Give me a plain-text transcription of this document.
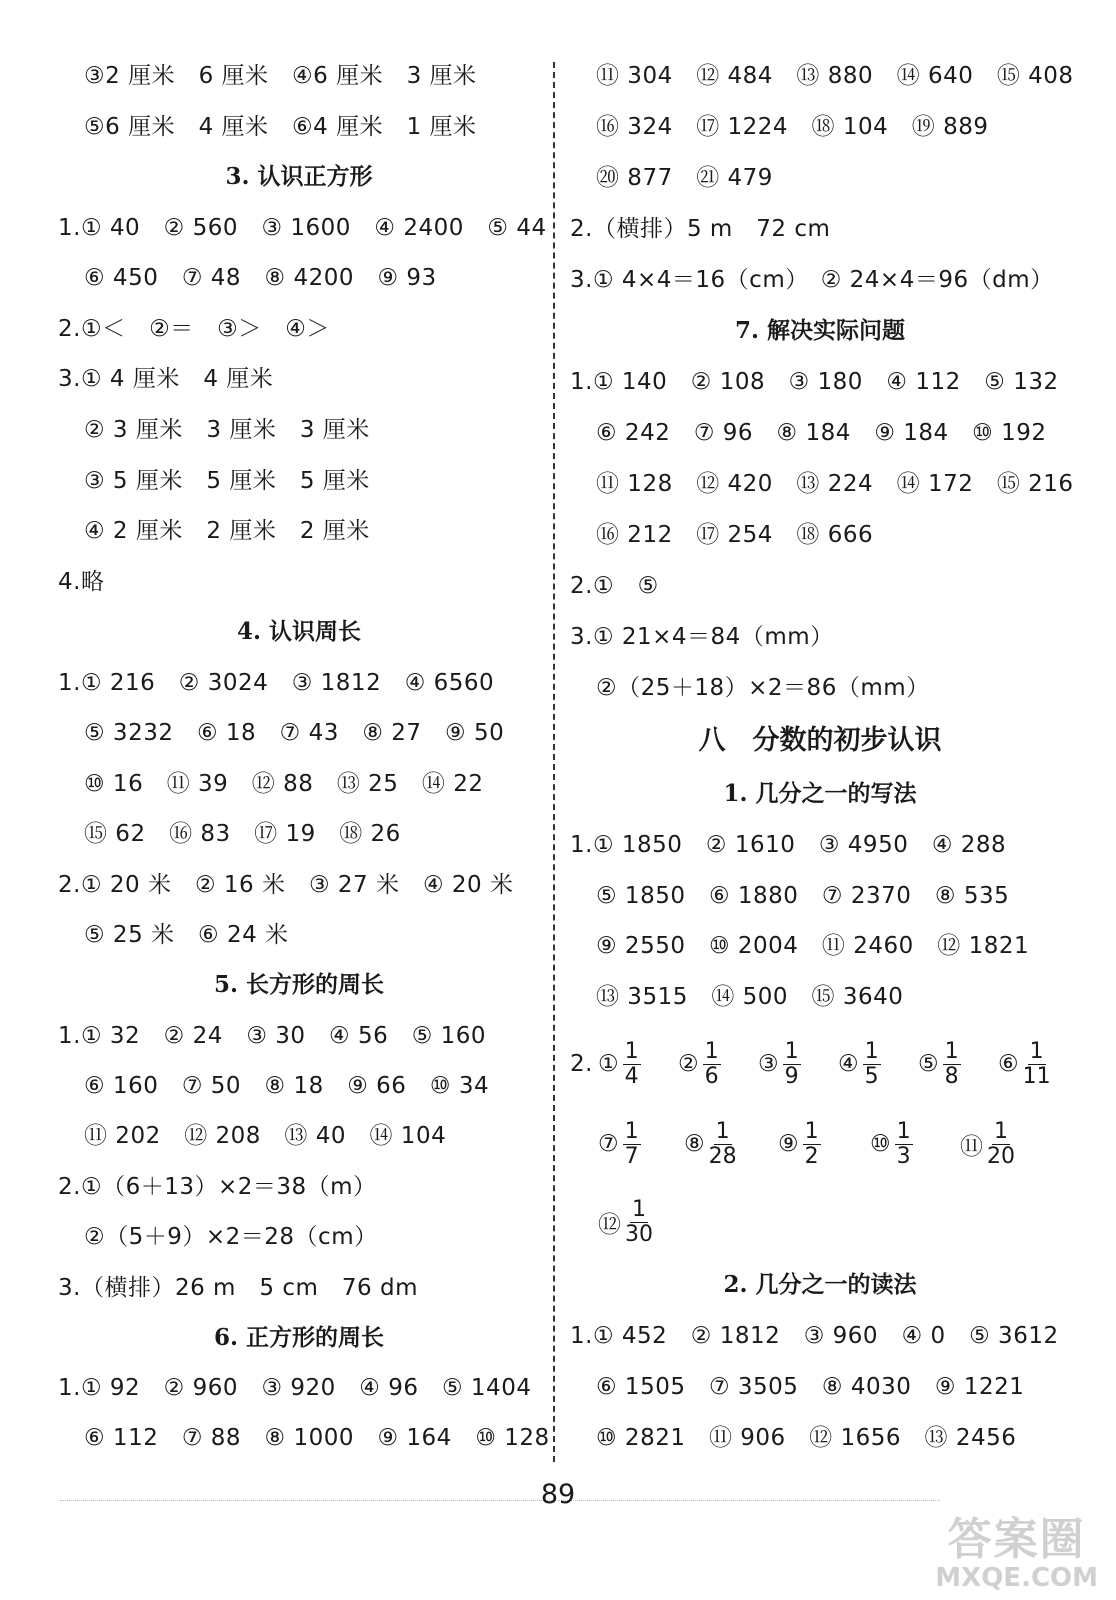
③2 厘米　6 厘米　④6 厘米　3 厘米
⑤6 厘米　4 厘米　⑥4 厘米　1 厘米
3. 认识正方形
1.① 40　② 560　③ 1600　④ 2400　⑤ 44
⑥ 450　⑦ 48　⑧ 4200　⑨ 93
2.①＜　②＝　③＞　④＞
3.① 4 厘米　4 厘米
② 3 厘米　3 厘米　3 厘米
③ 5 厘米　5 厘米　5 厘米
④ 2 厘米　2 厘米　2 厘米
4.略
4. 认识周长
1.① 216　② 3024　③ 1812　④ 6560
⑤ 3232　⑥ 18　⑦ 43　⑧ 27　⑨ 50
⑩ 16　⑪ 39　⑫ 88　⑬ 25　⑭ 22
⑮ 62　⑯ 83　⑰ 19　⑱ 26
2.① 20 米　② 16 米　③ 27 米　④ 20 米
⑤ 25 米　⑥ 24 米
5. 长方形的周长
1.① 32　② 24　③ 30　④ 56　⑤ 160
⑥ 160　⑦ 50　⑧ 18　⑨ 66　⑩ 34
⑪ 202　⑫ 208　⑬ 40　⑭ 104
2.①（6＋13）×2＝38（m）
②（5＋9）×2＝28（cm）
3.（横排）26 m　5 cm　76 dm
6. 正方形的周长
1.① 92　② 960　③ 920　④ 96　⑤ 1404
⑥ 112　⑦ 88　⑧ 1000　⑨ 164　⑩ 128
⑪ 304　⑫ 484　⑬ 880　⑭ 640　⑮ 408
⑯ 324　⑰ 1224　⑱ 104　⑲ 889
⑳ 877　㉑ 479
2.（横排）5 m　72 cm
3.① 4×4＝16（cm）　② 24×4＝96（dm）
7. 解决实际问题
1.① 140　② 108　③ 180　④ 112　⑤ 132
⑥ 242　⑦ 96　⑧ 184　⑨ 184　⑩ 192
⑪ 128　⑫ 420　⑬ 224　⑭ 172　⑮ 216
⑯ 212　⑰ 254　⑱ 666
2.①　⑤
3.① 21×4＝84（mm）
②（25＋18）×2＝86（mm）
八　分数的初步认识
1. 几分之一的写法
1.① 1850　② 1610　③ 4950　④ 288
⑤ 1850　⑥ 1880　⑦ 2370　⑧ 535
⑨ 2550　⑩ 2004　⑪ 2460　⑫ 1821
⑬ 3515　⑭ 500　⑮ 3640
2. ① $\frac{1}{4}$ ② $\frac{1}{6}$ ③ $\frac{1}{9}$ ④ $\frac{1}{5}$ ⑤ $\frac{1}{8}$ ⑥ $\frac{1}{11}$
⑦ $\frac{1}{7}$ ⑧ $\frac{1}{28}$ ⑨ $\frac{1}{2}$ ⑩ $\frac{1}{3}$ ⑪ $\frac{1}{20}$
⑫ $\frac{1}{30}$
2. 几分之一的读法
1.① 452　② 1812　③ 960　④ 0　⑤ 3612
⑥ 1505　⑦ 3505　⑧ 4030　⑨ 1221
⑩ 2821　⑪ 906　⑫ 1656　⑬ 2456
89
答案圈
MXQE.COM
